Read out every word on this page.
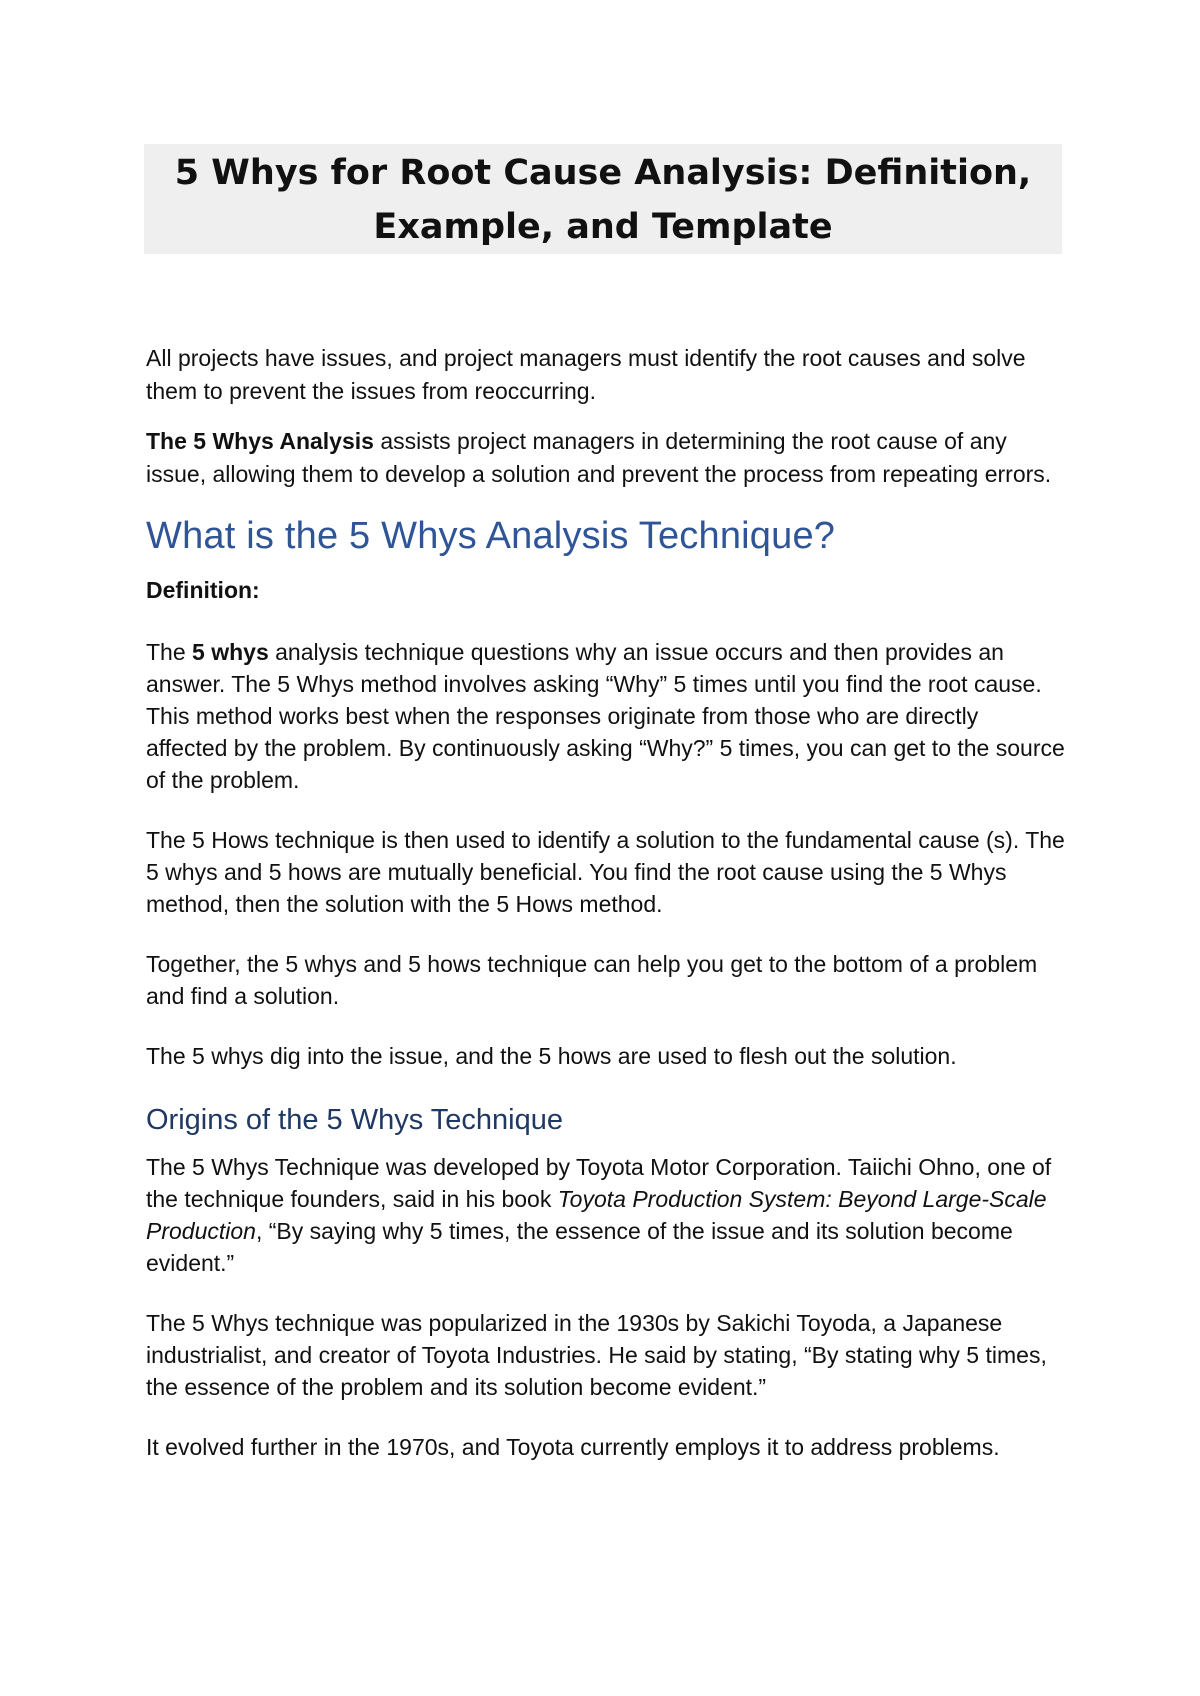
5 Whys for Root Cause Analysis: Definition,
Example, and Template

All projects have issues, and project managers must identify the root causes and solve them to prevent the issues from reoccurring.

The 5 Whys Analysis assists project managers in determining the root cause of any issue, allowing them to develop a solution and prevent the process from repeating errors.

What is the 5 Whys Analysis Technique?

Definition:

The 5 whys analysis technique questions why an issue occurs and then provides an answer. The 5 Whys method involves asking “Why” 5 times until you find the root cause. This method works best when the responses originate from those who are directly affected by the problem. By continuously asking “Why?” 5 times, you can get to the source of the problem.

The 5 Hows technique is then used to identify a solution to the fundamental cause (s). The 5 whys and 5 hows are mutually beneficial. You find the root cause using the 5 Whys method, then the solution with the 5 Hows method.

Together, the 5 whys and 5 hows technique can help you get to the bottom of a problem and find a solution.

The 5 whys dig into the issue, and the 5 hows are used to flesh out the solution.

Origins of the 5 Whys Technique

The 5 Whys Technique was developed by Toyota Motor Corporation. Taiichi Ohno, one of the technique founders, said in his book Toyota Production System: Beyond Large-Scale Production, “By saying why 5 times, the essence of the issue and its solution become evident.”

The 5 Whys technique was popularized in the 1930s by Sakichi Toyoda, a Japanese industrialist, and creator of Toyota Industries. He said by stating, “By stating why 5 times, the essence of the problem and its solution become evident.”

It evolved further in the 1970s, and Toyota currently employs it to address problems.
